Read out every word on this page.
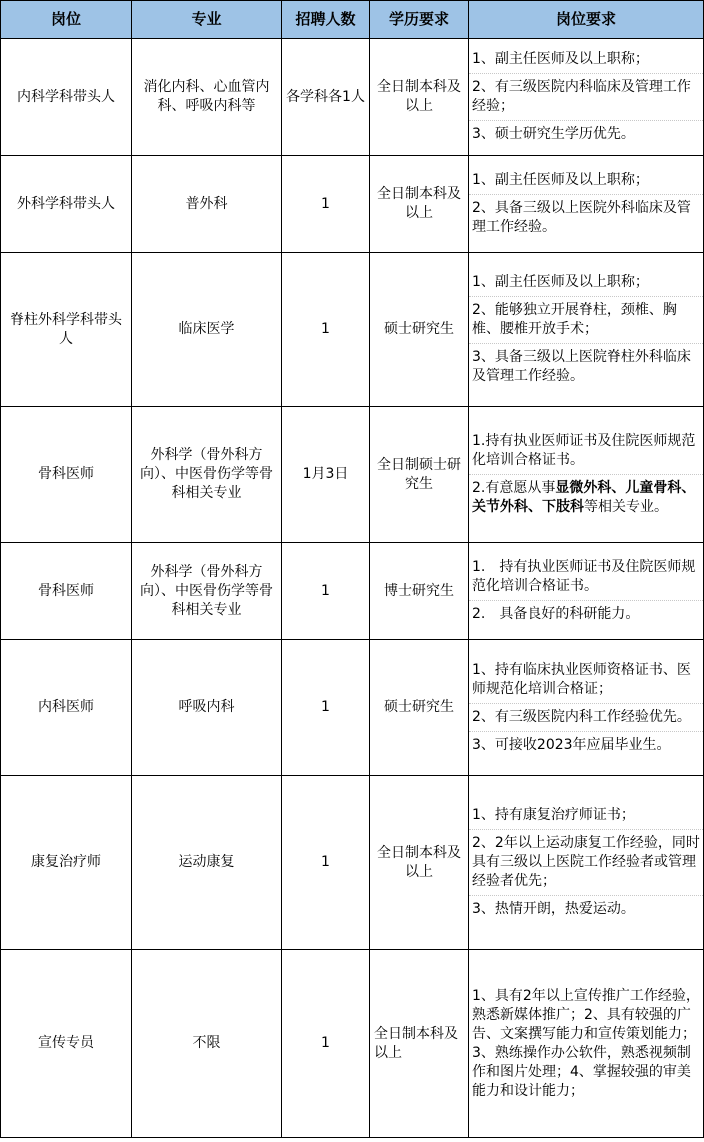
岗位	专业	招聘人数	学历要求	岗位要求
内科学科带头人	消化内科、心血管内科、呼吸内科等	各学科各1人	全日制本科及以上	1、副主任医师及以上职称；
2、有三级医院内科临床及管理工作经验；
3、硕士研究生学历优先。

外科学科带头人	普外科	1	全日制本科及以上	1、副主任医师及以上职称；
2、具备三级以上医院外科临床及管理工作经验。

脊柱外科学科带头人	临床医学	1	硕士研究生	1、副主任医师及以上职称；
2、能够独立开展脊柱，颈椎、胸椎、腰椎开放手术；
3、具备三级以上医院脊柱外科临床及管理工作经验。

骨科医师	外科学（骨外科方向）、中医骨伤学等骨科相关专业	1月3日	全日制硕士研究生	1.持有执业医师证书及住院医师规范化培训合格证书。
2.有意愿从事显微外科、儿童骨科、关节外科、下肢科等相关专业。

骨科医师	外科学（骨外科方向）、中医骨伤学等骨科相关专业	1	博士研究生	1.　持有执业医师证书及住院医师规范化培训合格证书。
2.　具备良好的科研能力。

内科医师	呼吸内科	1	硕士研究生	1、持有临床执业医师资格证书、医师规范化培训合格证；
2、有三级医院内科工作经验优先。
3、可接收2023年应届毕业生。

康复治疗师	运动康复	1	全日制本科及以上	1、持有康复治疗师证书；
2、2年以上运动康复工作经验，同时具有三级以上医院工作经验者或管理经验者优先；
3、热情开朗，热爱运动。

宣传专员	不限	1	全日制本科及以上	1、具有2年以上宣传推广工作经验，熟悉新媒体推广；2、具有较强的广告、文案撰写能力和宣传策划能力；3、熟练操作办公软件，熟悉视频制作和图片处理；4、掌握较强的审美能力和设计能力；
